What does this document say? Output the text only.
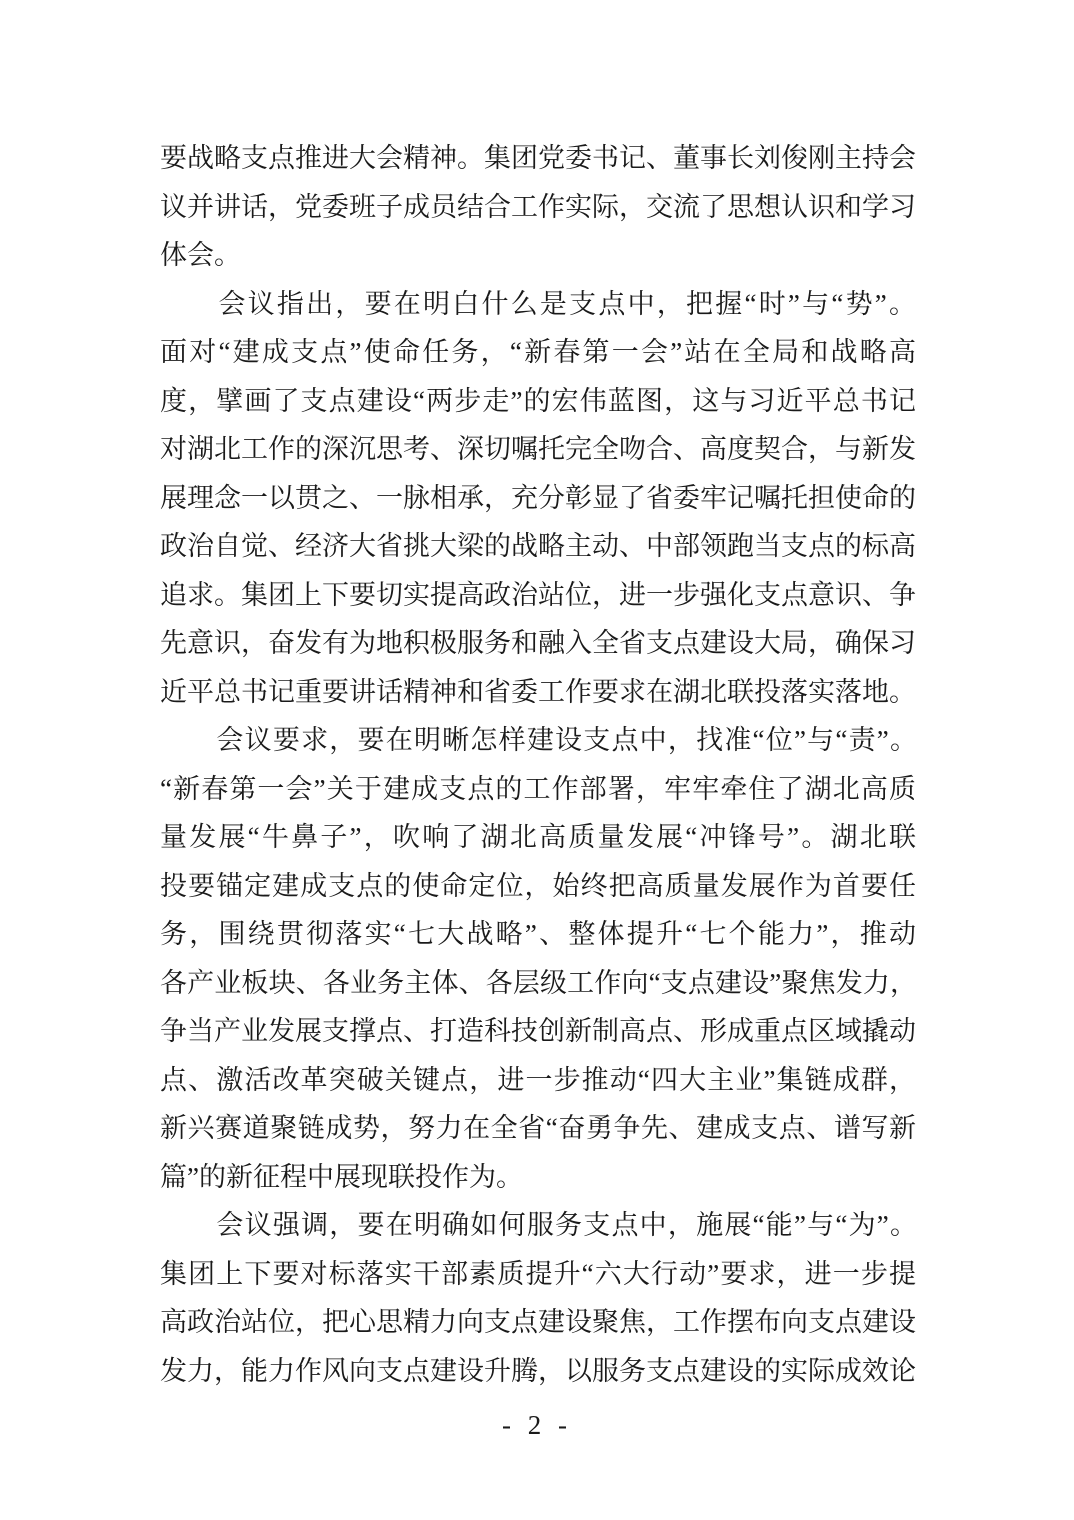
要战略支点推进大会精神。集团党委书记、董事长刘俊刚主持会
议并讲话，党委班子成员结合工作实际，交流了思想认识和学习
体会。
　　会议指出，要在明白什么是支点中，把握“时”与“势”。
面对“建成支点”使命任务，“新春第一会”站在全局和战略高
度，擘画了支点建设“两步走”的宏伟蓝图，这与习近平总书记
对湖北工作的深沉思考、深切嘱托完全吻合、高度契合，与新发
展理念一以贯之、一脉相承，充分彰显了省委牢记嘱托担使命的
政治自觉、经济大省挑大梁的战略主动、中部领跑当支点的标高
追求。集团上下要切实提高政治站位，进一步强化支点意识、争
先意识，奋发有为地积极服务和融入全省支点建设大局，确保习
近平总书记重要讲话精神和省委工作要求在湖北联投落实落地。
　　会议要求，要在明晰怎样建设支点中，找准“位”与“责”。
“新春第一会”关于建成支点的工作部署，牢牢牵住了湖北高质
量发展“牛鼻子”，吹响了湖北高质量发展“冲锋号”。湖北联
投要锚定建成支点的使命定位，始终把高质量发展作为首要任
务，围绕贯彻落实“七大战略”、整体提升“七个能力”，推动
各产业板块、各业务主体、各层级工作向“支点建设”聚焦发力，
争当产业发展支撑点、打造科技创新制高点、形成重点区域撬动
点、激活改革突破关键点，进一步推动“四大主业”集链成群，
新兴赛道聚链成势，努力在全省“奋勇争先、建成支点、谱写新
篇”的新征程中展现联投作为。
　　会议强调，要在明确如何服务支点中，施展“能”与“为”。
集团上下要对标落实干部素质提升“六大行动”要求，进一步提
高政治站位，把心思精力向支点建设聚焦，工作摆布向支点建设
发力，能力作风向支点建设升腾，以服务支点建设的实际成效论
- 2 -
